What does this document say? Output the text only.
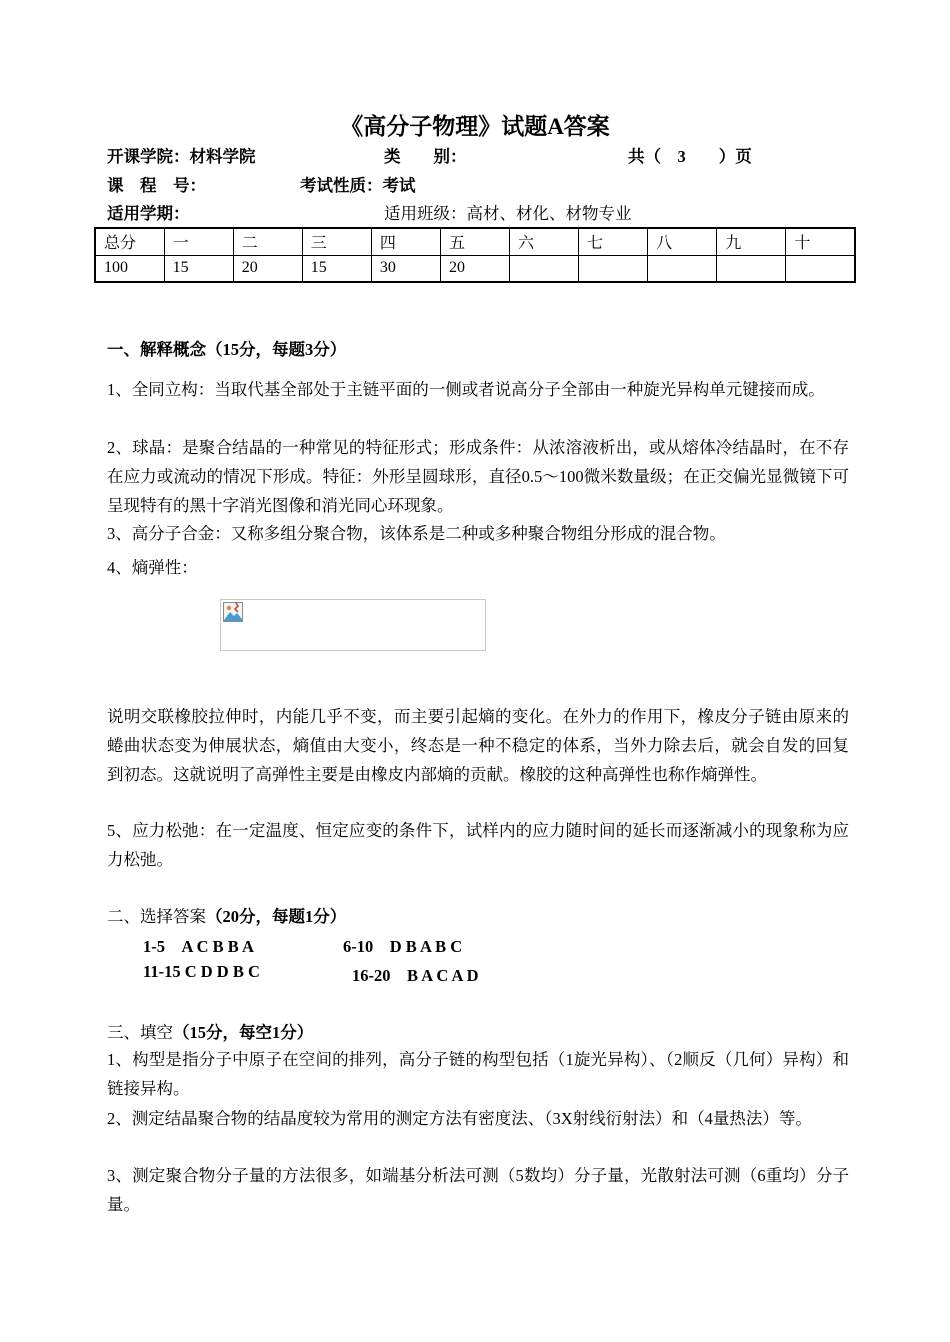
《高分子物理》试题A答案
开课学院：材料学院	类　　别：	共（　3　　）页
课　程　号：	考试性质：考试
适用学期：	适用班级：高材、材化、材物专业
总分	一	二	三	四	五	六	七	八	九	十
100	15	20	15	30	20					
一、解释概念（15分，每题3分）
1、全同立构：当取代基全部处于主链平面的一侧或者说高分子全部由一种旋光异构单元键接而成。
2、球晶：是聚合结晶的一种常见的特征形式；形成条件：从浓溶液析出，或从熔体冷结晶时，在不存在应力或流动的情况下形成。特征：外形呈圆球形，直径0.5～100微米数量级；在正交偏光显微镜下可呈现特有的黑十字消光图像和消光同心环现象。
3、高分子合金：又称多组分聚合物，该体系是二种或多种聚合物组分形成的混合物。
4、熵弹性：
说明交联橡胶拉伸时，内能几乎不变，而主要引起熵的变化。在外力的作用下，橡皮分子链由原来的蜷曲状态变为伸展状态，熵值由大变小，终态是一种不稳定的体系，当外力除去后，就会自发的回复到初态。这就说明了高弹性主要是由橡皮内部熵的贡献。橡胶的这种高弹性也称作熵弹性。
5、应力松弛：在一定温度、恒定应变的条件下，试样内的应力随时间的延长而逐渐减小的现象称为应力松弛。
二、选择答案（20分，每题1分）
1-5　A C B B A	6-10　D B A B C
11-15 C D D B C	16-20　B A C A D
三、填空（15分，每空1分）
1、构型是指分子中原子在空间的排列，高分子链的构型包括（1旋光异构）、（2顺反（几何）异构）和链接异构。
2、测定结晶聚合物的结晶度较为常用的测定方法有密度法、（3X射线衍射法）和（4量热法）等。
3、测定聚合物分子量的方法很多，如端基分析法可测（5数均）分子量，光散射法可测（6重均）分子量。
